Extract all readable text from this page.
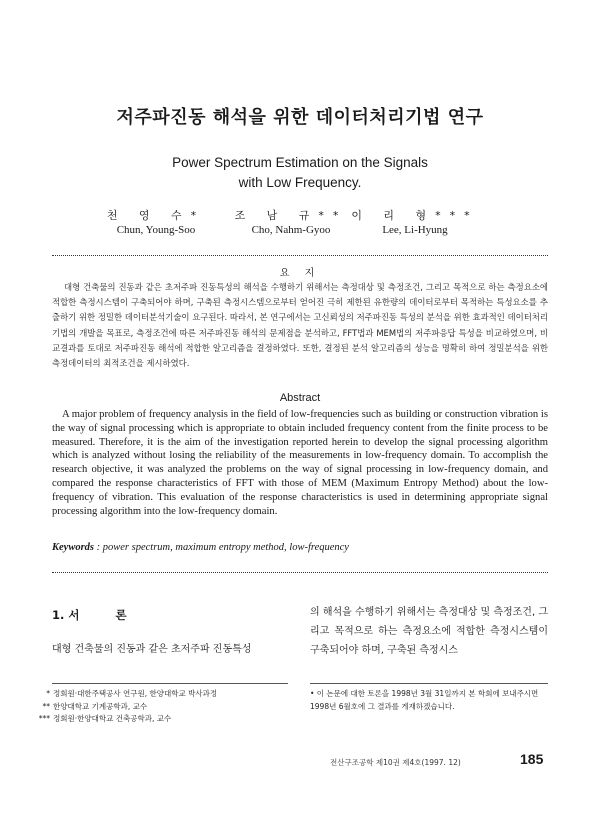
저주파진동 해석을 위한 데이터처리기법 연구
Power Spectrum Estimation on the Signals
with Low Frequency.
천 영 수*
Chun, Young-Soo
조 남 규**
Cho, Nahm-Gyoo
이 리 형***
Lee, Li-Hyung
요 지
대형 건축물의 진동과 같은 초저주파 진동특성의 해석을 수행하기 위해서는 측정대상 및 측정조건, 그리고 목적으로 하는 측정요소에 적합한 측정시스템이 구축되어야 하며, 구축된 측정시스템으로부터 얻어진 극히 제한된 유한량의 데이터로부터 목적하는 특성요소를 추출하기 위한 정밀한 데이터분석기술이 요구된다. 따라서, 본 연구에서는 고신뢰성의 저주파진동 특성의 분석을 위한 효과적인 데이터처리기법의 개발을 목표로, 측정조건에 따른 저주파진동 해석의 문제점을 분석하고, FFT법과 MEM법의 저주파응답 특성을 비교하였으며, 비교결과를 토대로 저주파진동 해석에 적합한 알고리즘을 결정하였다. 또한, 결정된 분석 알고리즘의 성능을 명확히 하여 정밀분석을 위한 측정데이터의 최적조건을 제시하였다.
Abstract
A major problem of frequency analysis in the field of low-frequencies such as building or construction vibration is the way of signal processing which is appropriate to obtain included frequency content from the finite process to be measured. Therefore, it is the aim of the investigation reported herein to develop the signal processing algorithm which is analyzed without losing the reliability of the measurements in low-frequency domain. To accomplish the research objective, it was analyzed the problems on the way of signal processing in low-frequency domain, and compared the response characteristics of FFT with those of MEM (Maximum Entropy Method) about the low-frequency of vibration. This evaluation of the response characteristics is used in determining appropriate signal processing algorithm into the low-frequency domain.
Keywords : power spectrum, maximum entropy method, low-frequency
1. 서	론
대형 건축물의 진동과 같은 초저주파 진동특성
의 해석을 수행하기 위해서는 측정대상 및 측정조건, 그리고 목적으로 하는 측정요소에 적합한 측정시스템이 구축되어야 하며, 구축된 측정시스
* 정회원·대한주택공사 연구원, 한양대학교 박사과정
** 한양대학교 기계공학과, 교수
*** 정회원·한양대학교 건축공학과, 교수
• 이 논문에 대한 토론을 1998년 3월 31일까지 본 학회에 보내주시면 1998년 6월호에 그 결과를 게재하겠습니다.
전산구조공학 제10권 제4호(1997. 12)	185
